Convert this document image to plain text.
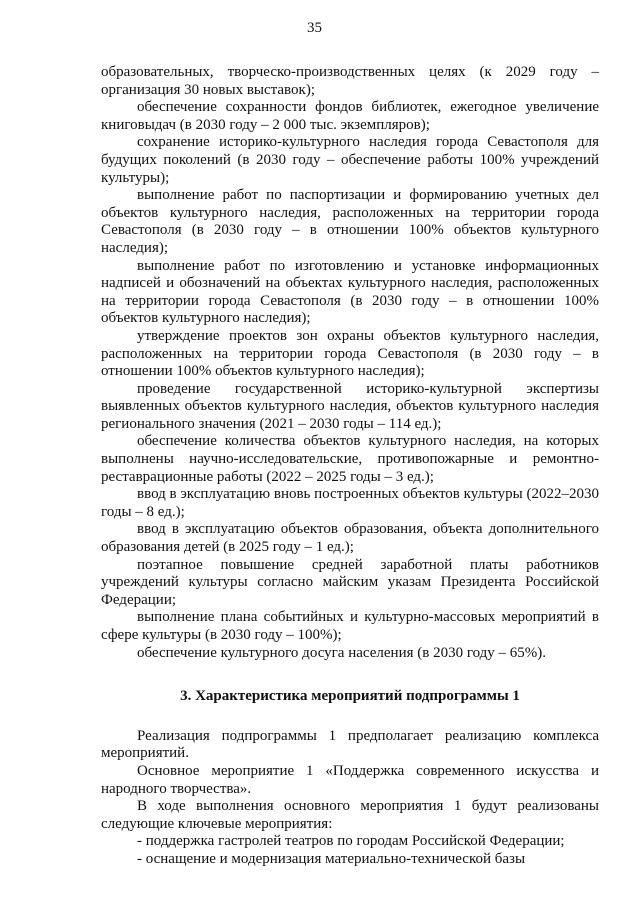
35

образовательных, творческо-производственных целях (к 2029 году – организация 30 новых выставок);

обеспечение сохранности фондов библиотек, ежегодное увеличение книговыдач (в 2030 году – 2 000 тыс. экземпляров);

сохранение историко-культурного наследия города Севастополя для будущих поколений (в 2030 году – обеспечение работы 100% учреждений культуры);

выполнение работ по паспортизации и формированию учетных дел объектов культурного наследия, расположенных на территории города Севастополя (в 2030 году – в отношении 100% объектов культурного наследия);

выполнение работ по изготовлению и установке информационных надписей и обозначений на объектах культурного наследия, расположенных на территории города Севастополя (в 2030 году – в отношении 100% объектов культурного наследия);

утверждение проектов зон охраны объектов культурного наследия, расположенных на территории города Севастополя (в 2030 году – в отношении 100% объектов культурного наследия);

проведение государственной историко-культурной экспертизы выявленных объектов культурного наследия, объектов культурного наследия регионального значения (2021 – 2030 годы – 114 ед.);

обеспечение количества объектов культурного наследия, на которых выполнены научно-исследовательские, противопожарные и ремонтно-реставрационные работы (2022 – 2025 годы – 3 ед.);

ввод в эксплуатацию вновь построенных объектов культуры (2022–2030 годы – 8 ед.);

ввод в эксплуатацию объектов образования, объекта дополнительного образования детей (в 2025 году – 1 ед.);

поэтапное повышение средней заработной платы работников учреждений культуры согласно майским указам Президента Российской Федерации;

выполнение плана событийных и культурно-массовых мероприятий в сфере культуры (в 2030 году – 100%);

обеспечение культурного досуга населения (в 2030 году – 65%).

3. Характеристика мероприятий подпрограммы 1

Реализация подпрограммы 1 предполагает реализацию комплекса мероприятий.

Основное мероприятие 1 «Поддержка современного искусства и народного творчества».

В ходе выполнения основного мероприятия 1 будут реализованы следующие ключевые мероприятия:

- поддержка гастролей театров по городам Российской Федерации;

- оснащение и модернизация материально-технической базы
